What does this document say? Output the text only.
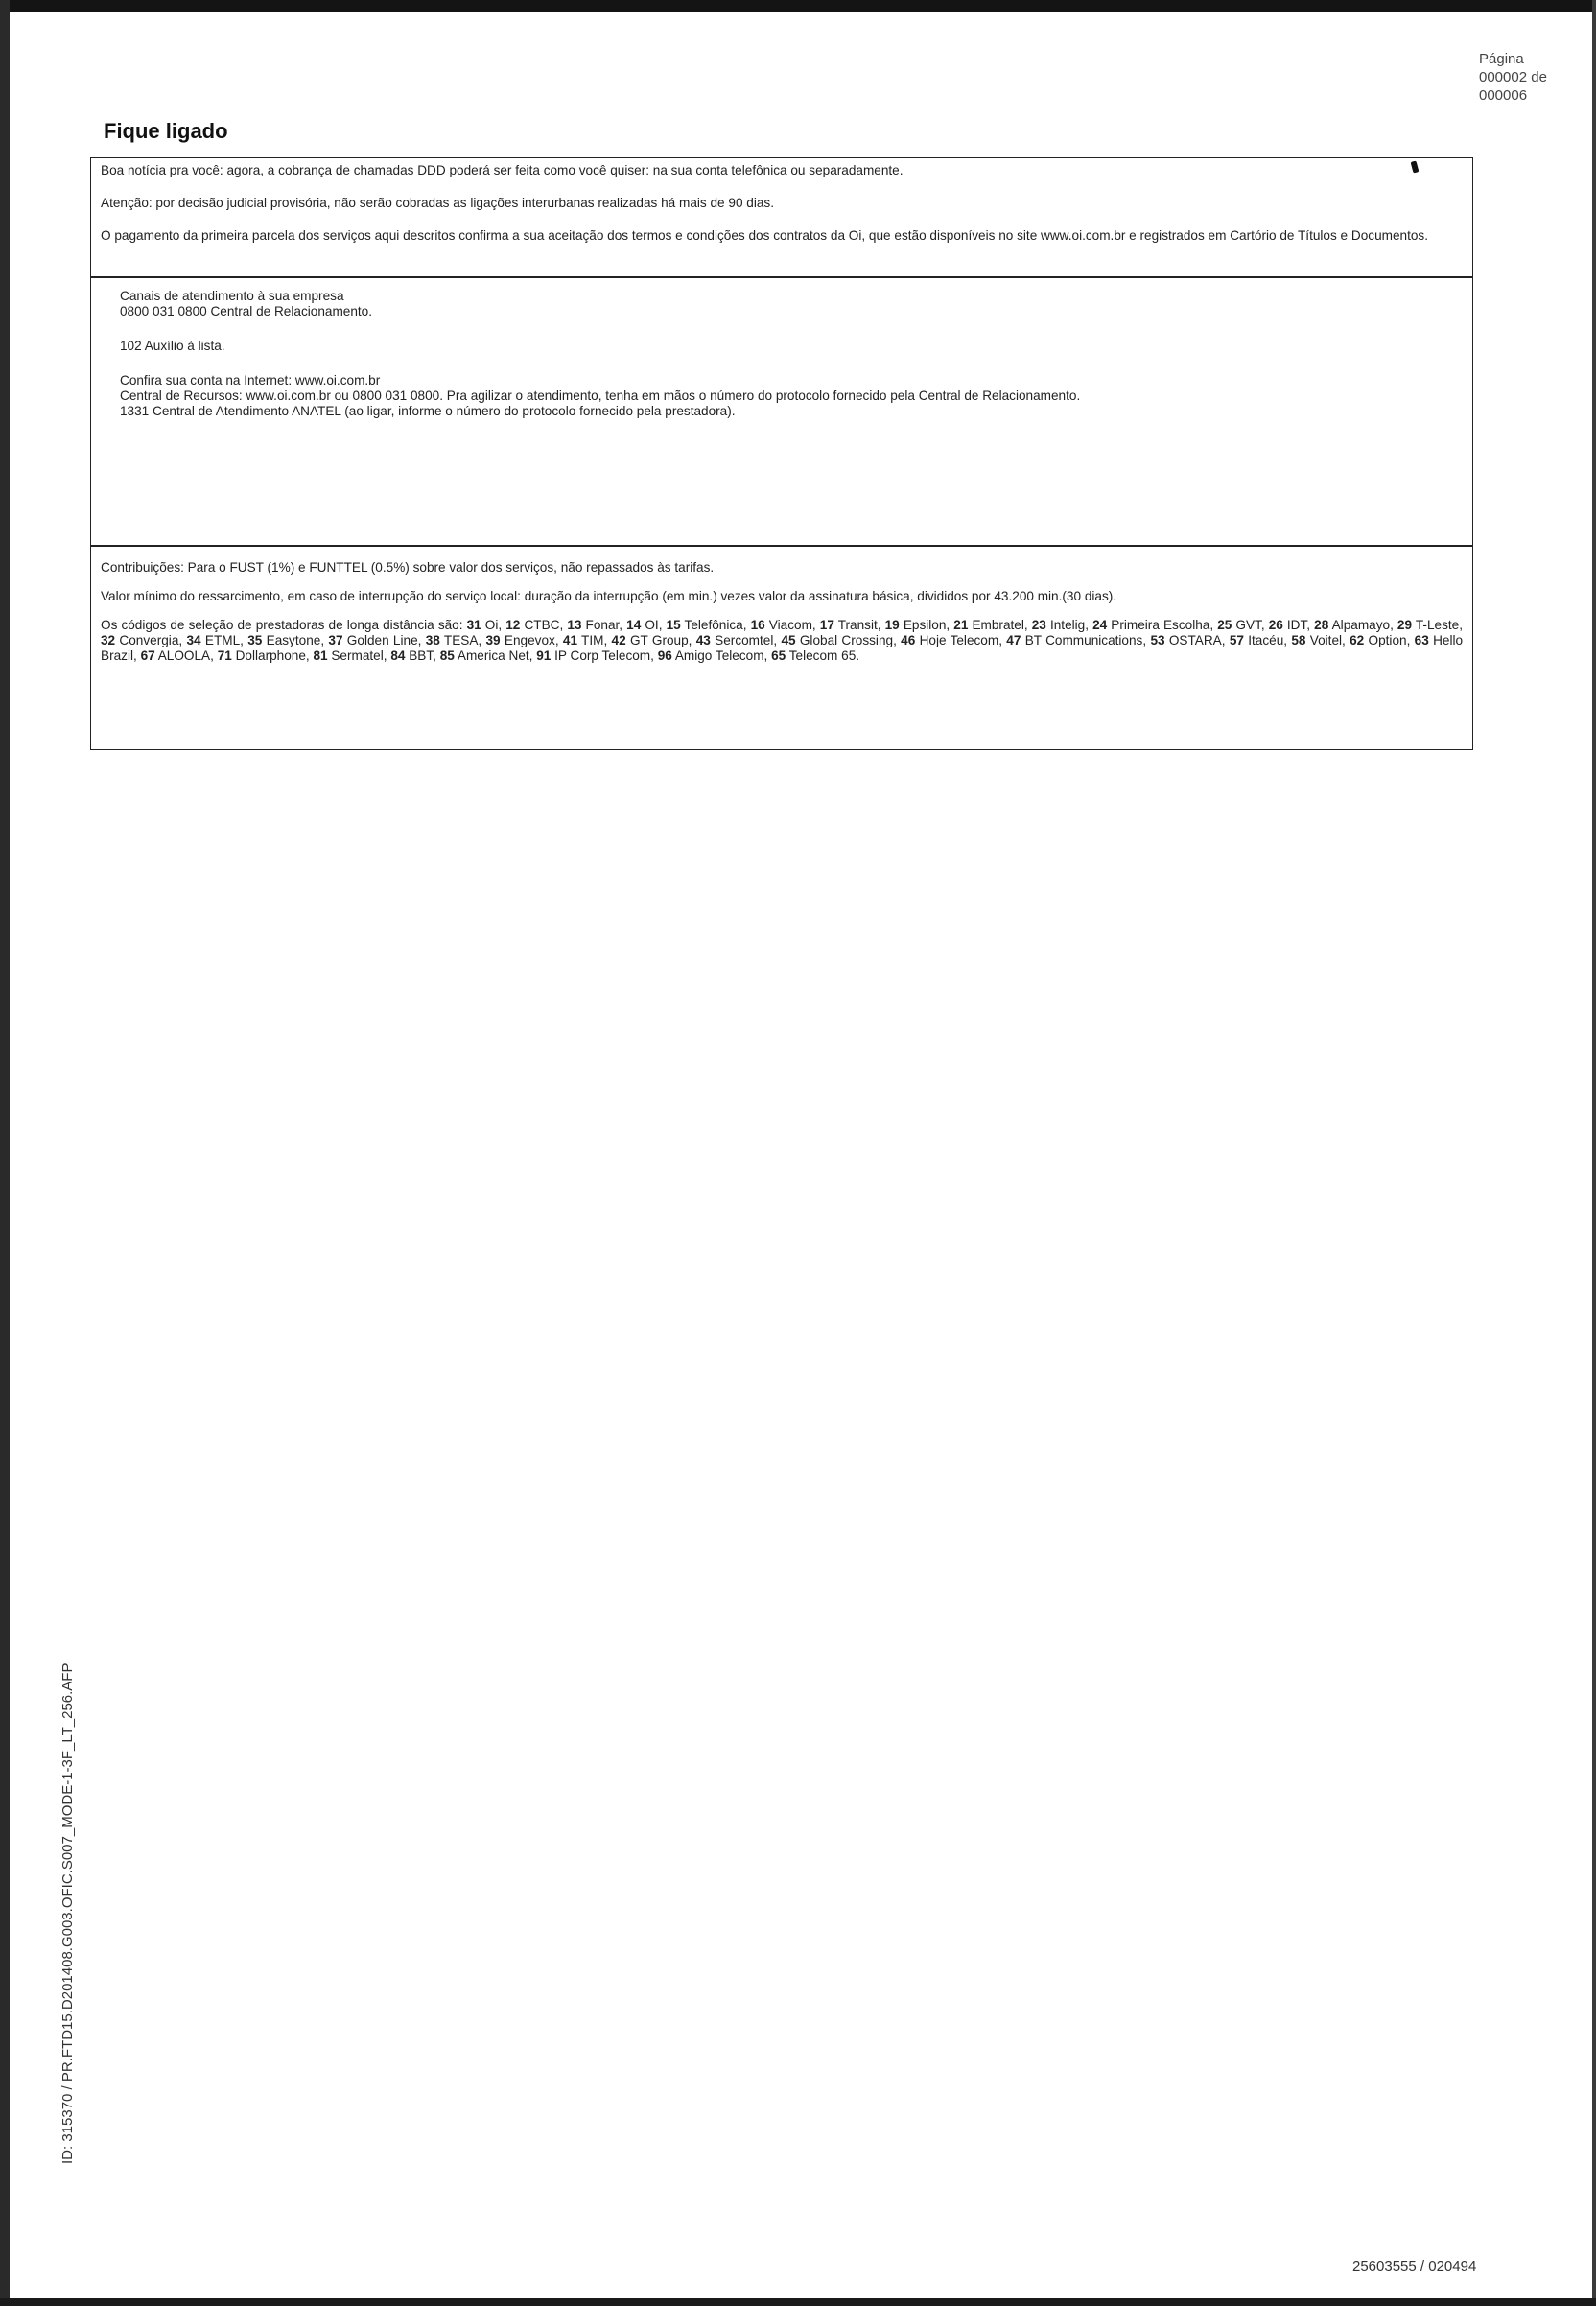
Página
000002 de
000006
Fique ligado

Boa notícia pra você: agora, a cobrança de chamadas DDD poderá ser feita como você quiser: na sua conta telefônica ou separadamente.

Atenção: por decisão judicial provisória, não serão cobradas as ligações interurbanas realizadas há mais de 90 dias.

O pagamento da primeira parcela dos serviços aqui descritos confirma a sua aceitação dos termos e condições dos contratos da Oi, que estão disponíveis no site www.oi.com.br e registrados em Cartório de Títulos e Documentos.

Canais de atendimento à sua empresa

0800 031 0800 Central de Relacionamento.

102 Auxílio à lista.

Confira sua conta na Internet: www.oi.com.br

Central de Recursos: www.oi.com.br ou 0800 031 0800. Pra agilizar o atendimento, tenha em mãos o número do protocolo fornecido pela Central de Relacionamento.

1331 Central de Atendimento ANATEL (ao ligar, informe o número do protocolo fornecido pela prestadora).

Contribuições: Para o FUST (1%) e FUNTTEL (0.5%) sobre valor dos serviços, não repassados às tarifas.

Valor mínimo do ressarcimento, em caso de interrupção do serviço local: duração da interrupção (em min.) vezes valor da assinatura básica, divididos por 43.200 min.(30 dias).

Os códigos de seleção de prestadoras de longa distância são: 31 Oi, 12 CTBC, 13 Fonar, 14 OI, 15 Telefônica, 16 Viacom, 17 Transit, 19 Epsilon, 21 Embratel, 23 Intelig, 24 Primeira Escolha, 25 GVT, 26 IDT, 28 Alpamayo, 29 T-Leste, 32 Convergia, 34 ETML, 35 Easytone, 37 Golden Line, 38 TESA, 39 Engevox, 41 TIM, 42 GT Group, 43 Sercomtel, 45 Global Crossing, 46 Hoje Telecom, 47 BT Communications, 53 OSTARA, 57 Itacéu, 58 Voitel, 62 Option, 63 Hello Brazil, 67 ALOOLA, 71 Dollarphone, 81 Sermatel, 84 BBT, 85 America Net, 91 IP Corp Telecom, 96 Amigo Telecom, 65 Telecom 65.

ID: 315370 / PR.FTD15.D201408.G003.OFIC.S007_MODE-1-3F_LT_256.AFP
25603555 / 020494
